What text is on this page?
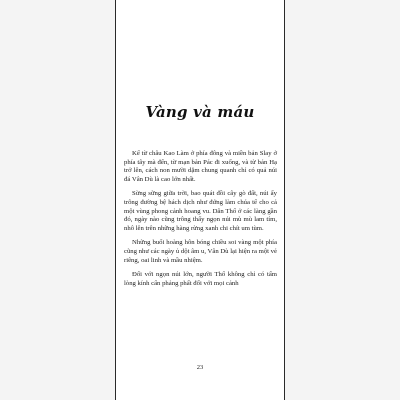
Vàng và máu

Kể từ châu Kao Làm ở phía đông và miền bản Slay ở phía tây mà đến, từ mạn bản Pác đi xuống, và từ bản Hạ trở lên, cách non mười dặm chung quanh chỉ có quả núi đá Vân Dù là cao lớn nhất.

Sừng sững giữa trời, bao quát đồi cây gò đất, núi ấy trông đường bệ hách dịch như đứng làm chúa tể cho cả một vùng phong cảnh hoang vu. Dân Thổ ở các làng gần đó, ngày nào cũng trông thấy ngọn núi mù mù lam tím, nhô lên trên những hàng rừng xanh chi chít um tùm.

Những buổi hoàng hôn bóng chiều soi vàng một phía cũng như các ngày ủ dột âm u, Vân Dù lại hiện ra một vẻ riêng, oai linh và mầu nhiệm.

Đối với ngọn núi lớn, người Thổ không chỉ có tấm lòng kính cẩn phảng phất đối với mọi cảnh

23
